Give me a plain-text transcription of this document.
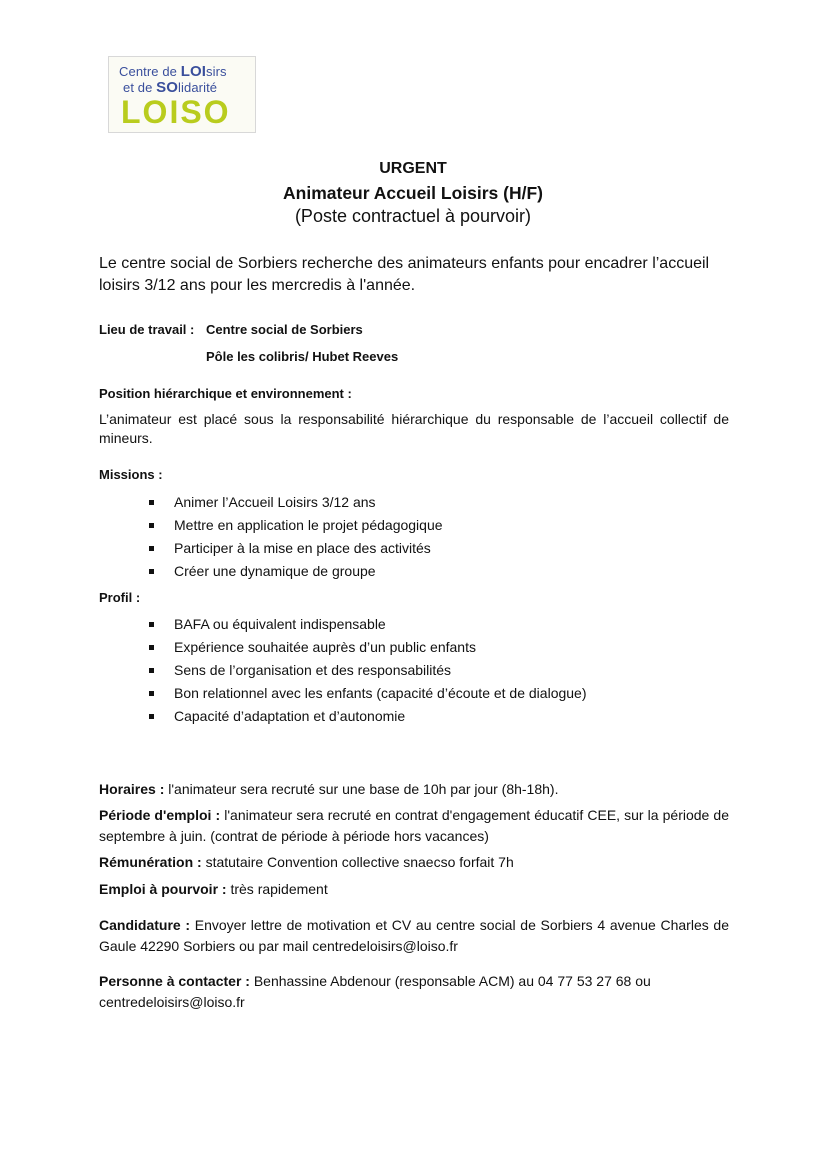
Centre de LOIsirs
et de SOlidarité
LOISO
URGENT
Animateur Accueil Loisirs (H/F)
(Poste contractuel à pourvoir)
Le centre social de Sorbiers recherche des animateurs enfants pour encadrer l’accueil loisirs 3/12 ans pour les mercredis à l'année.
Lieu de travail : Centre social de Sorbiers
Pôle les colibris/ Hubet Reeves
Position hiérarchique et environnement :
L’animateur est placé sous la responsabilité hiérarchique du responsable de l’accueil collectif de mineurs.
Missions :
Animer l’Accueil Loisirs 3/12 ans
Mettre en application le projet pédagogique
Participer à la mise en place des activités
Créer une dynamique de groupe
Profil :
BAFA ou équivalent indispensable
Expérience souhaitée auprès d’un public enfants
Sens de l’organisation et des responsabilités
Bon relationnel avec les enfants (capacité d’écoute et de dialogue)
Capacité d’adaptation et d’autonomie
Horaires : l'animateur sera recruté sur une base de 10h par jour (8h-18h).
Période d'emploi : l'animateur sera recruté en contrat d'engagement éducatif CEE, sur la période de septembre à juin. (contrat de période à période hors vacances)
Rémunération : statutaire Convention collective snaecso forfait 7h
Emploi à pourvoir : très rapidement
Candidature : Envoyer lettre de motivation et CV au centre social de Sorbiers 4 avenue Charles de Gaule 42290 Sorbiers ou par mail centredeloisirs@loiso.fr
Personne à contacter : Benhassine Abdenour (responsable ACM) au 04 77 53 27 68 ou centredeloisirs@loiso.fr
